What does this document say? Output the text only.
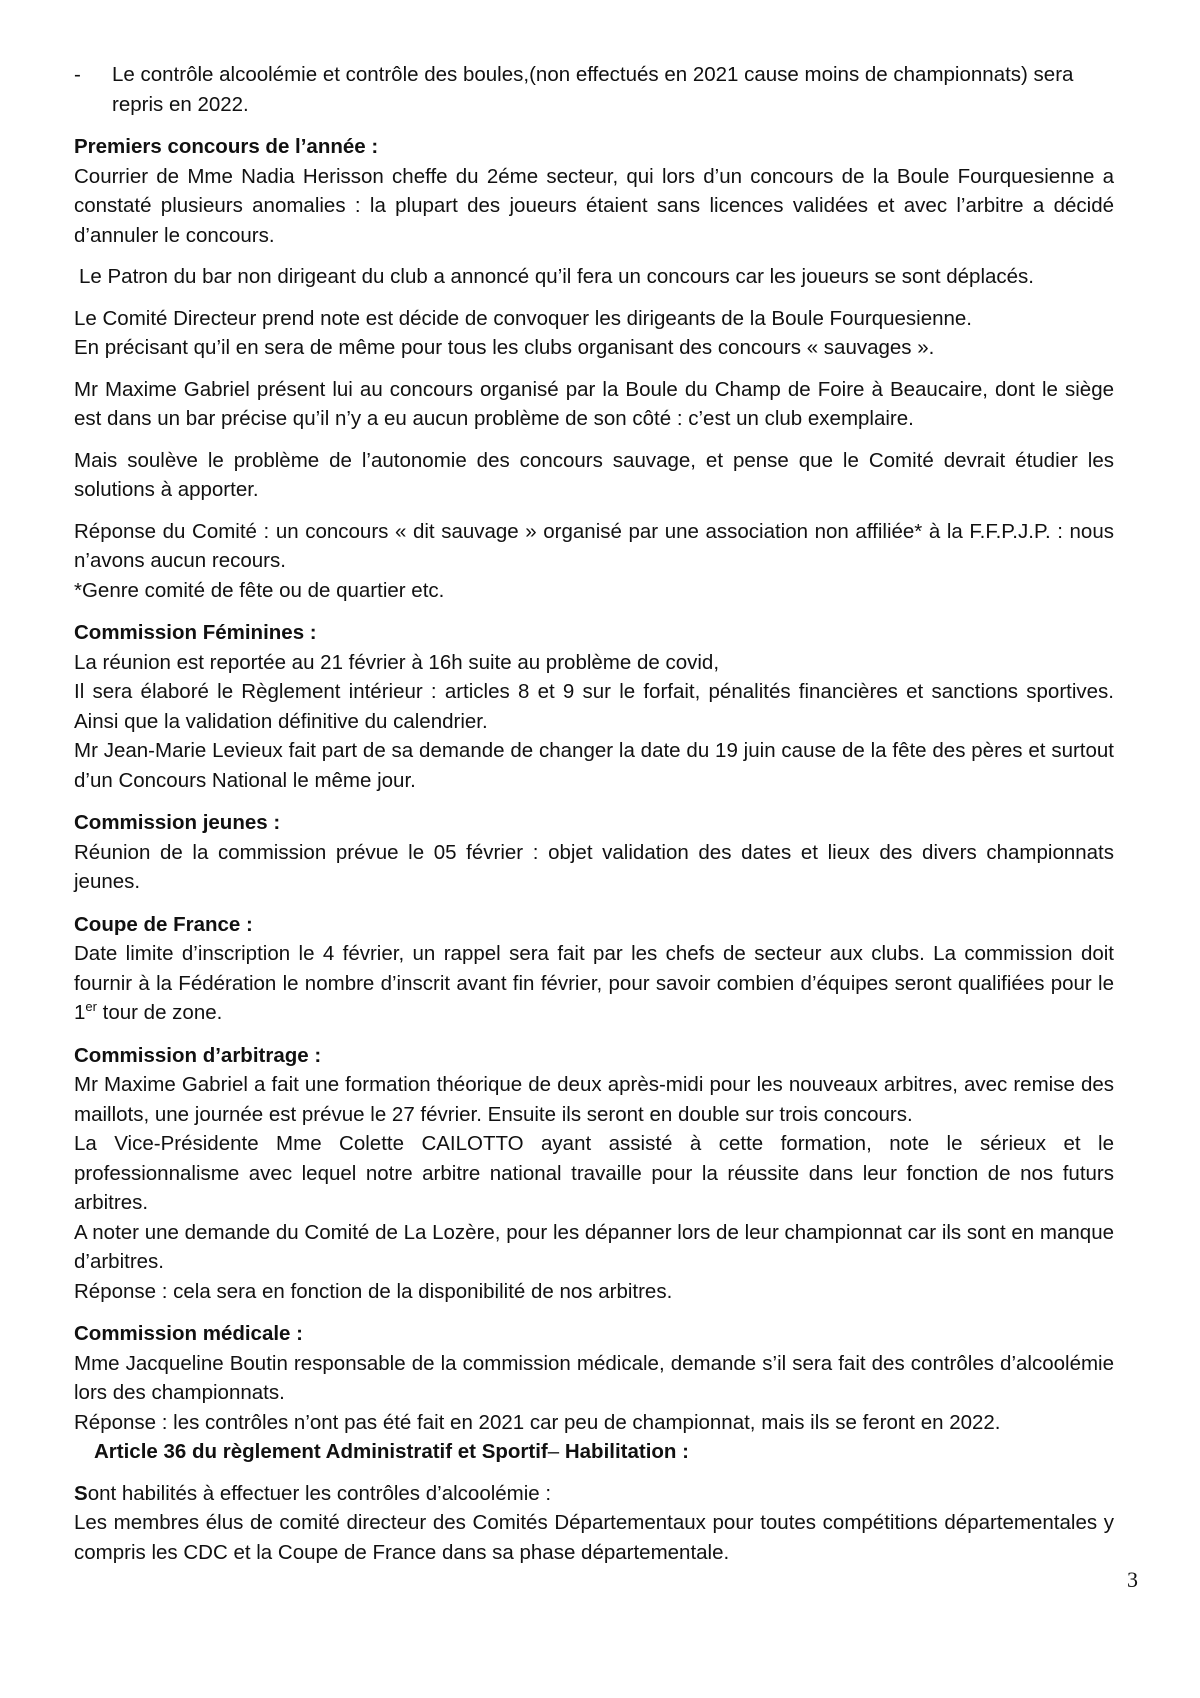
-	Le contrôle alcoolémie et contrôle des boules,(non effectués en 2021 cause moins de championnats) sera repris en 2022.

Premiers concours de l’année :

Courrier de Mme Nadia Herisson cheffe du 2éme secteur, qui lors d’un concours de la Boule Fourquesienne a constaté plusieurs anomalies : la plupart des joueurs étaient sans licences validées et avec l’arbitre a décidé d’annuler le concours.

Le Patron du bar non dirigeant du club a annoncé qu’il fera un concours car les joueurs se sont déplacés.

Le Comité Directeur prend note est décide de convoquer les dirigeants de la Boule Fourquesienne.

En précisant qu’il en sera de même pour tous les clubs organisant des concours « sauvages ».

Mr Maxime Gabriel présent lui au concours organisé par la Boule du Champ de Foire à Beaucaire, dont le siège est dans un bar précise qu’il n’y a eu aucun problème de son côté : c’est un club exemplaire.

Mais soulève le problème de l’autonomie des concours sauvage, et pense que le Comité devrait étudier les solutions à apporter.

Réponse du Comité : un concours « dit sauvage » organisé par une association non affiliée* à la F.F.P.J.P. : nous n’avons aucun recours.

*Genre comité de fête ou de quartier etc.

Commission Féminines :

La réunion est reportée au 21 février à 16h suite au problème de covid,

Il sera élaboré le Règlement intérieur : articles 8 et 9 sur le forfait, pénalités financières et sanctions sportives. Ainsi que la validation définitive du calendrier.

Mr Jean-Marie Levieux fait part de sa demande de changer la date du 19 juin cause de la fête des pères et surtout d’un Concours National le même jour.

Commission jeunes :

Réunion de la commission prévue le 05 février : objet validation des dates et lieux des divers championnats jeunes.

Coupe de France :

Date limite d’inscription le 4 février, un rappel sera fait par les chefs de secteur aux clubs. La commission doit fournir à la Fédération le nombre d’inscrit avant fin février, pour savoir combien d’équipes seront qualifiées pour le 1er tour de zone.

Commission d’arbitrage :

Mr Maxime Gabriel a fait une formation théorique de deux après-midi pour les nouveaux arbitres, avec remise des maillots, une journée est prévue le 27 février. Ensuite ils seront en double sur trois concours.

La Vice-Présidente Mme Colette CAILOTTO ayant assisté à cette formation, note le sérieux et le professionnalisme avec lequel notre arbitre national travaille pour la réussite dans leur fonction de nos futurs arbitres.

A noter une demande du Comité de La Lozère, pour les dépanner lors de leur championnat car ils sont en manque d’arbitres.

Réponse : cela sera en fonction de la disponibilité de nos arbitres.

Commission médicale :

Mme Jacqueline Boutin responsable de la commission médicale, demande s’il sera fait des contrôles d’alcoolémie lors des championnats.

Réponse : les contrôles n’ont pas été fait en 2021 car peu de championnat, mais ils se feront en 2022.

Article 36 du règlement Administratif et Sportif– Habilitation :

Sont habilités à effectuer les contrôles d’alcoolémie :

Les membres élus de comité directeur des Comités Départementaux pour toutes compétitions départementales y compris les CDC et la Coupe de France dans sa phase départementale.

3
